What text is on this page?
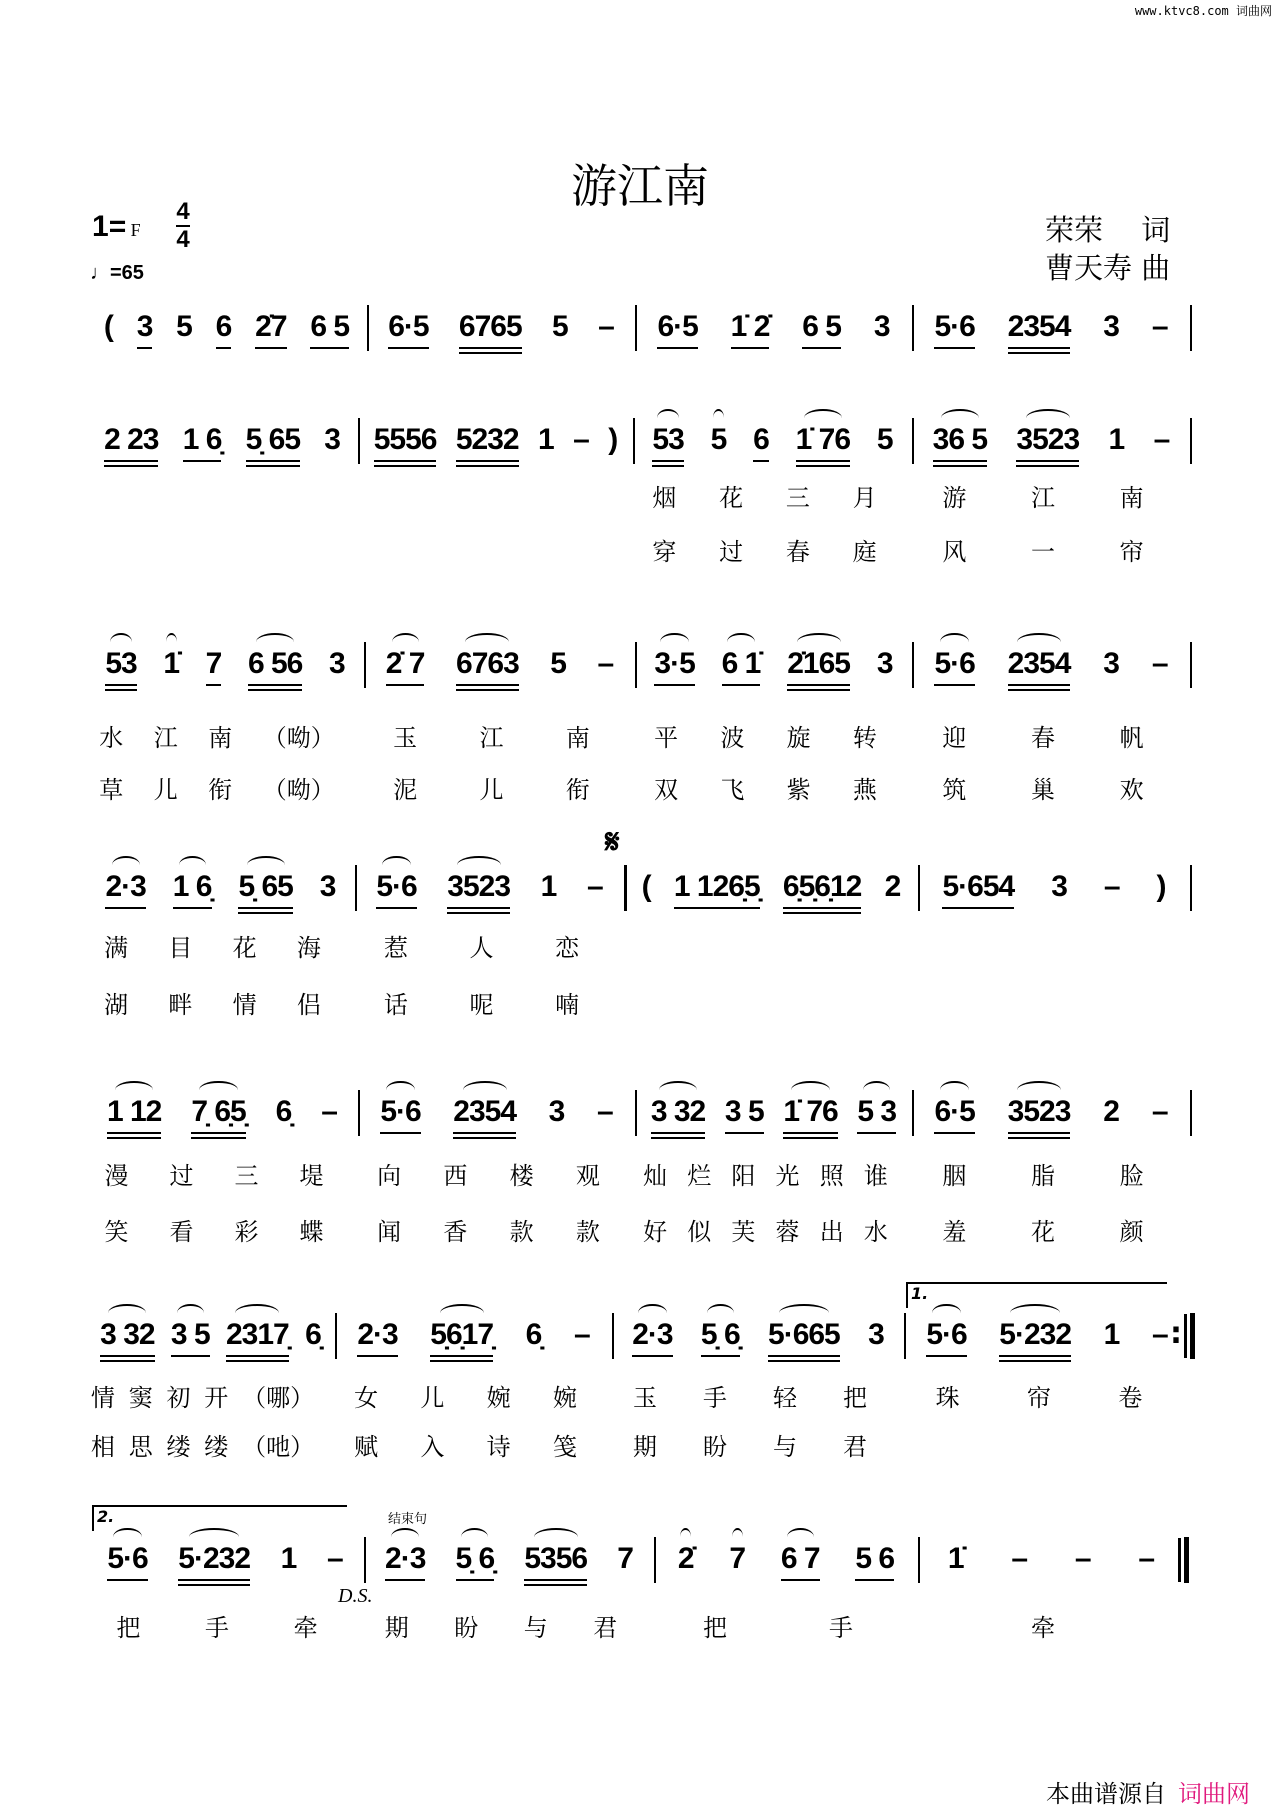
www.ktvc8.com 词曲网
游江南
1= F
4
4
♩=65
荣荣　 词
曹天寿 曲
𝄋
D.S.
结束句
1.
2.
( 3 5 6 2̇7 6 5 6·5 6765 5 – 6·5 1̇ 2̇ 6 5 3 5·6 2354 3 –
2 23 1 6̣ 5̣ 65 3 5556 5232 1 – ) 53 5 6 1̇ 76 5
烟 花 三 月
穿 过 春 庭
36 5 3523 1 –
游	江	南
风	一	帘
53 1̇ 7 6 56 3
水 江 南 （呦）
草 儿 衔 （呦）
2̇ 7 6763 5 –
玉	江	南
泥	儿	衔
3·5 6 1̇ 2̇165 3
平 波 旋 转
双 飞 紫 燕
5·6 2354 3 –
迎	春	帆
筑	巢	欢
2·3 1 6̣ 5̣ 65 3
满 目 花 海
湖 畔 情 侣
5·6 3523 1 –
惹	人	恋
话	呢	喃
( 1 126̣5̣ 6̣5̣6̣12 2 5·654 3 – )
1 12 7̣ 6̣5̣ 6̣ –
漫 过 三 堤
笑 看 彩 蝶
5·6 2354 3 –
向 西 楼 观
闻 香 款 款
3 32 3 5 1̇ 76 5 3
灿 烂 阳 光 照 谁
好 似 芙 蓉 出 水
6·5 3523 2 –
胭	脂	脸
羞	花	颜
3 32 3 5 2317̣ 6̣
情 窦 初 开 （哪）
相 思 缕 缕 （吔）
2·3 5̣6̣17̣ 6̣ –
女 儿 婉 婉
赋 入 诗 笺
2·3 5̣ 6̣ 5·665 3
玉 手 轻 把
期 盼 与 君
5·6 5·232 1 –
珠	帘	卷
5·6 5·232 1 –
把	手	牵
2·3 5̣ 6̣ 5356 7
期 盼 与 君
2̇ 7 6 7 5 6
把	手
1̇ – – –
牵
:
本曲谱源自 词曲网
